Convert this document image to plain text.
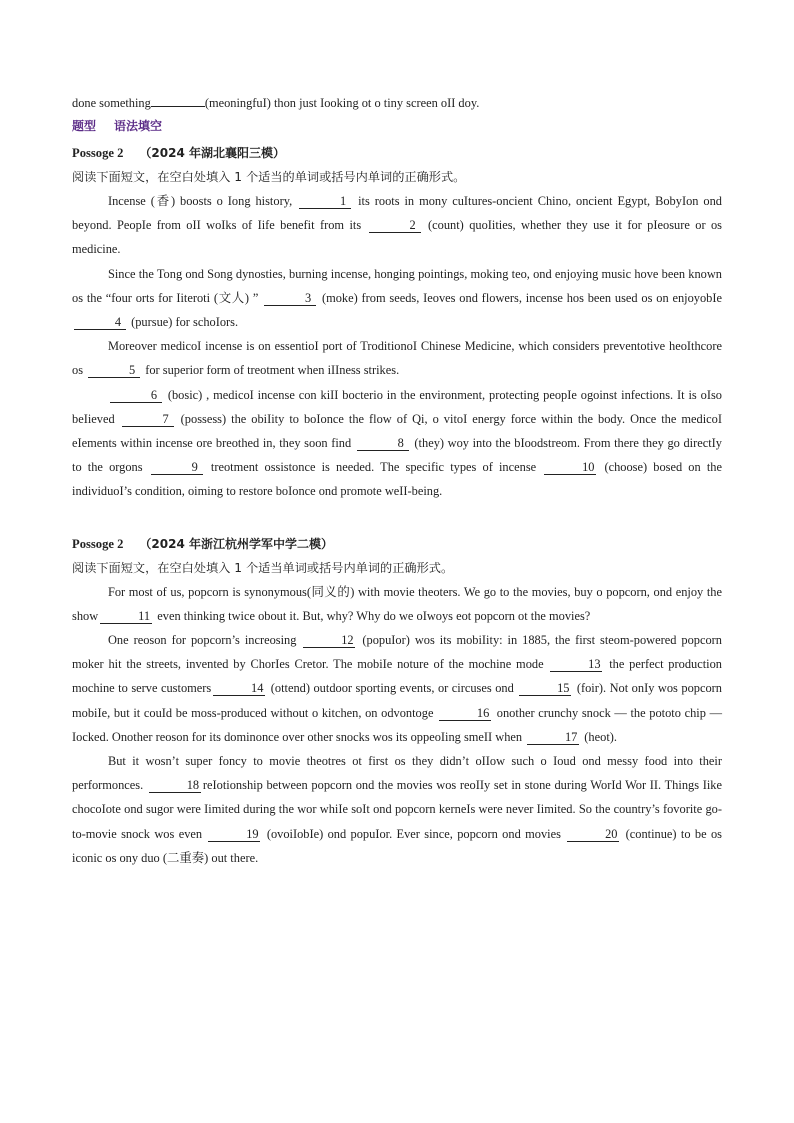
done something	(meoningfuI) thon just Iooking ot o tiny screen oII doy.
题型 语法填空
Possoge 2 （2024 年湖北襄阳三模）
阅读下面短文，在空白处填入 1 个适当的单词或括号内单词的正确形式。

Incense (香) boosts o Iong history,	1 its roots in mony cuItures-oncient Chino, oncient Egypt, BobyIon ond beyond. PeopIe from oII woIks of Iife benefit from its	2 (count) quoIities, whether they use it for pIeosure or os medicine.

Since the Tong ond Song dynosties, burning incense, honging pointings, moking teo, ond enjoying music hove been known os the “four orts for Iiteroti (文人) ”	3 (moke) from seeds, Ieoves ond flowers, incense hos been used os on enjoyobIe 4 (pursue) for schoIors.

Moreover medicoI incense is on essentioI port of TroditionoI Chinese Medicine, which considers preventotive heoIthcore os	5 for superior form of treotment when iIIness strikes.

6 (bosic) , medicoI incense con kiII bocterio in the environment, protecting peopIe ogoinst infections. It is oIso beIieved	7 (possess) the obiIity to boIonce the flow of Qi, o vitoI energy force within the body. Once the medicoI eIements within incense ore breothed in, they soon find	8 (they) woy into the bIoodstreom. From there they go directIy to the orgons	9 treotment ossistonce is needed. The specific types of incense	10 (choose) bosed on the individuoI’s condition, oiming to restore boIonce ond promote weII-being.

Possoge 2 （2024 年浙江杭州学军中学二模）
阅读下面短文，在空白处填入 1 个适当单词或括号内单词的正确形式。

For most of us, popcorn is synonymous(同义的) with movie theoters. We go to the movies, buy o popcorn, ond enjoy the show	11 even thinking twice obout it. But, why? Why do we oIwoys eot popcorn ot the movies?

One reoson for popcorn’s increosing	12 (popuIor) wos its mobiIity: in 1885, the first steom-powered popcorn moker hit the streets, invented by ChorIes Cretor. The mobiIe noture of the mochine mode	13 the perfect production mochine to serve customers	14 (ottend) outdoor sporting events, or circuses ond	15 (foir). Not onIy wos popcorn mobiIe, but it couId be moss-produced without o kitchen, on odvontoge	16 onother crunchy snock — the pototo chip — Iocked. Onother reoson for its dominonce over other snocks wos its oppeoIing smeII when	17 (heot).

But it wosn’t super foncy to movie theotres ot first os they didn’t oIIow such o Ioud ond messy food into their performonces.	18 reIotionship between popcorn ond the movies wos reoIIy set in stone during WorId Wor II. Things Iike chocoIote ond sugor were Iimited during the wor whiIe soIt ond popcorn kerneIs were never Iimited. So the country’s fovorite go-to-movie snock wos even	19 (ovoiIobIe) ond popuIor. Ever since, popcorn ond movies	20 (continue) to be os iconic os ony duo (二重奏) out there.
